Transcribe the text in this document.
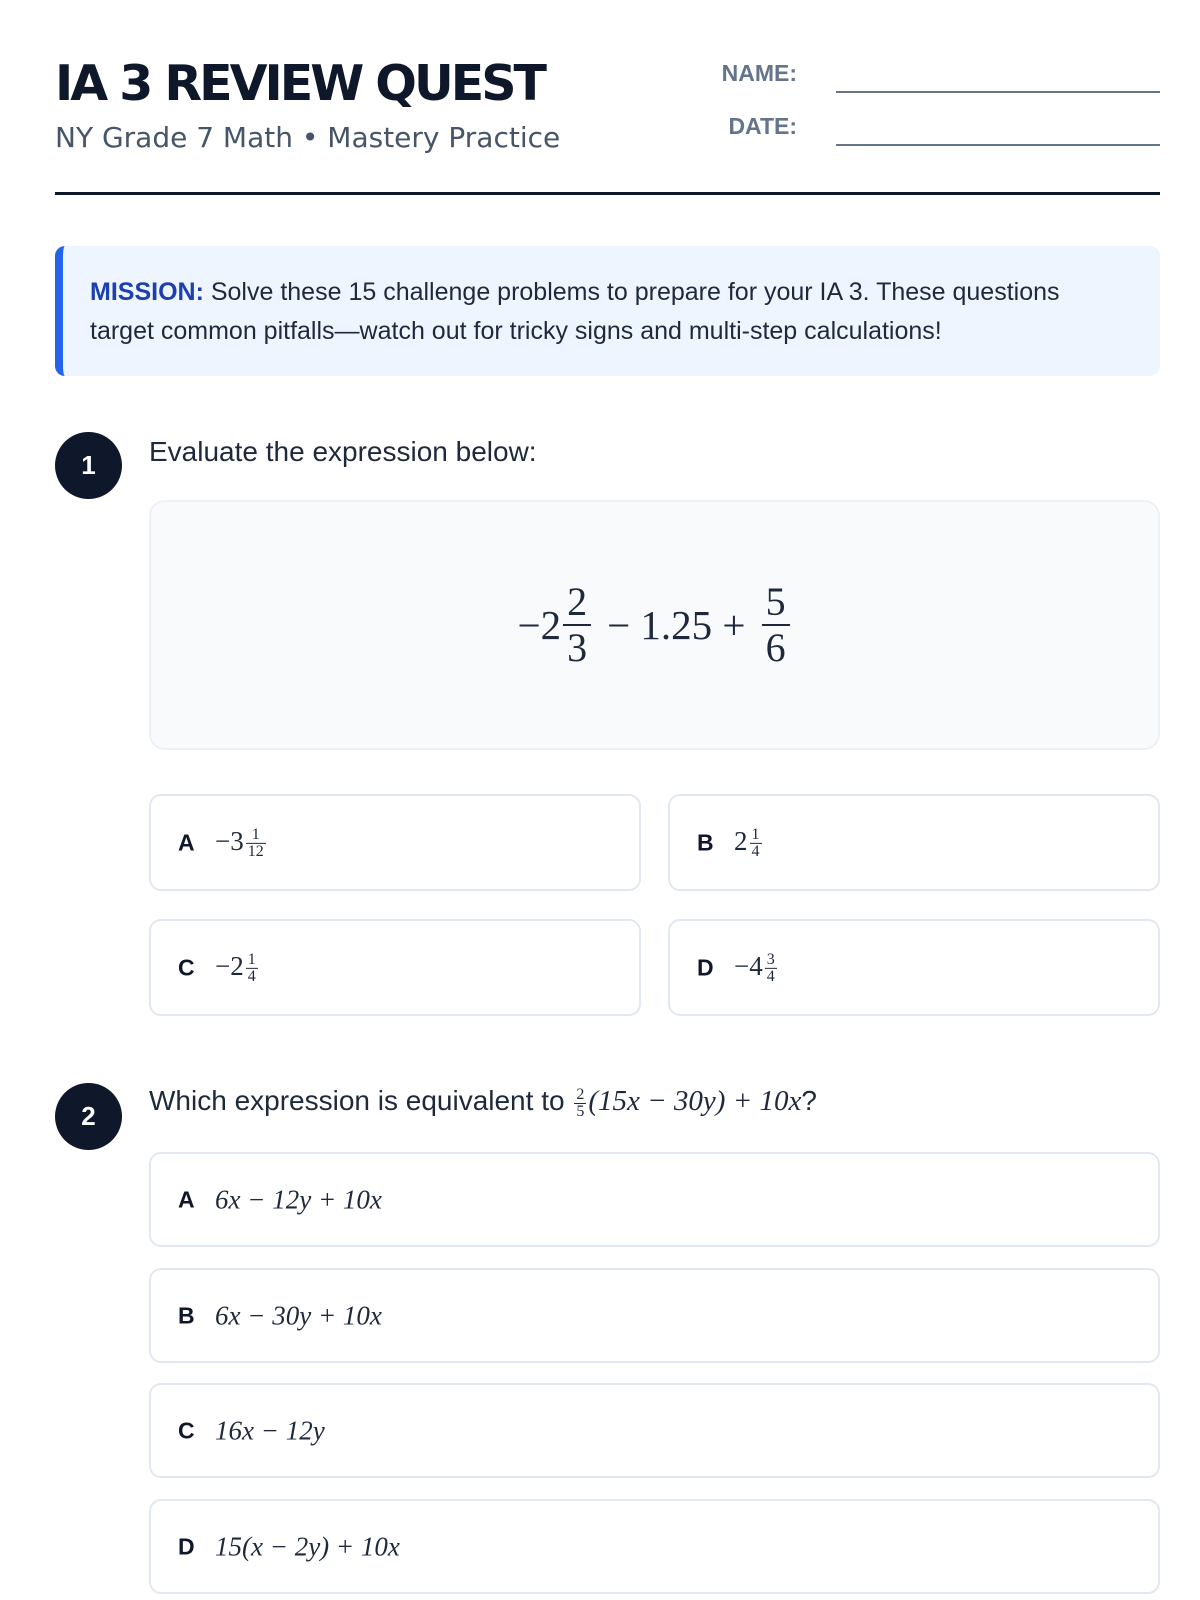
IA 3 REVIEW QUEST
NY Grade 7 Math • Mastery Practice
NAME:
DATE:
MISSION: Solve these 15 challenge problems to prepare for your IA 3. These questions target common pitfalls—watch out for tricky signs and multi-step calculations!
1	Evaluate the expression below:
− $2 \frac{2}{3} - 1.25 + \frac{5}{6}$
$A -3 \frac{1}{12}$	B $2 \frac{1}{4}$
$C -2 \frac{1}{4}$	$D -4 \frac{3}{4}$
2	Which expression is equivalent to $\frac{2}{5} (15x - 30y) + 10x$?
A 6x − 12y + 10x
B 6x − 30y + 10x
C 16x − 12y
D 15(x − 2y) + 10x
